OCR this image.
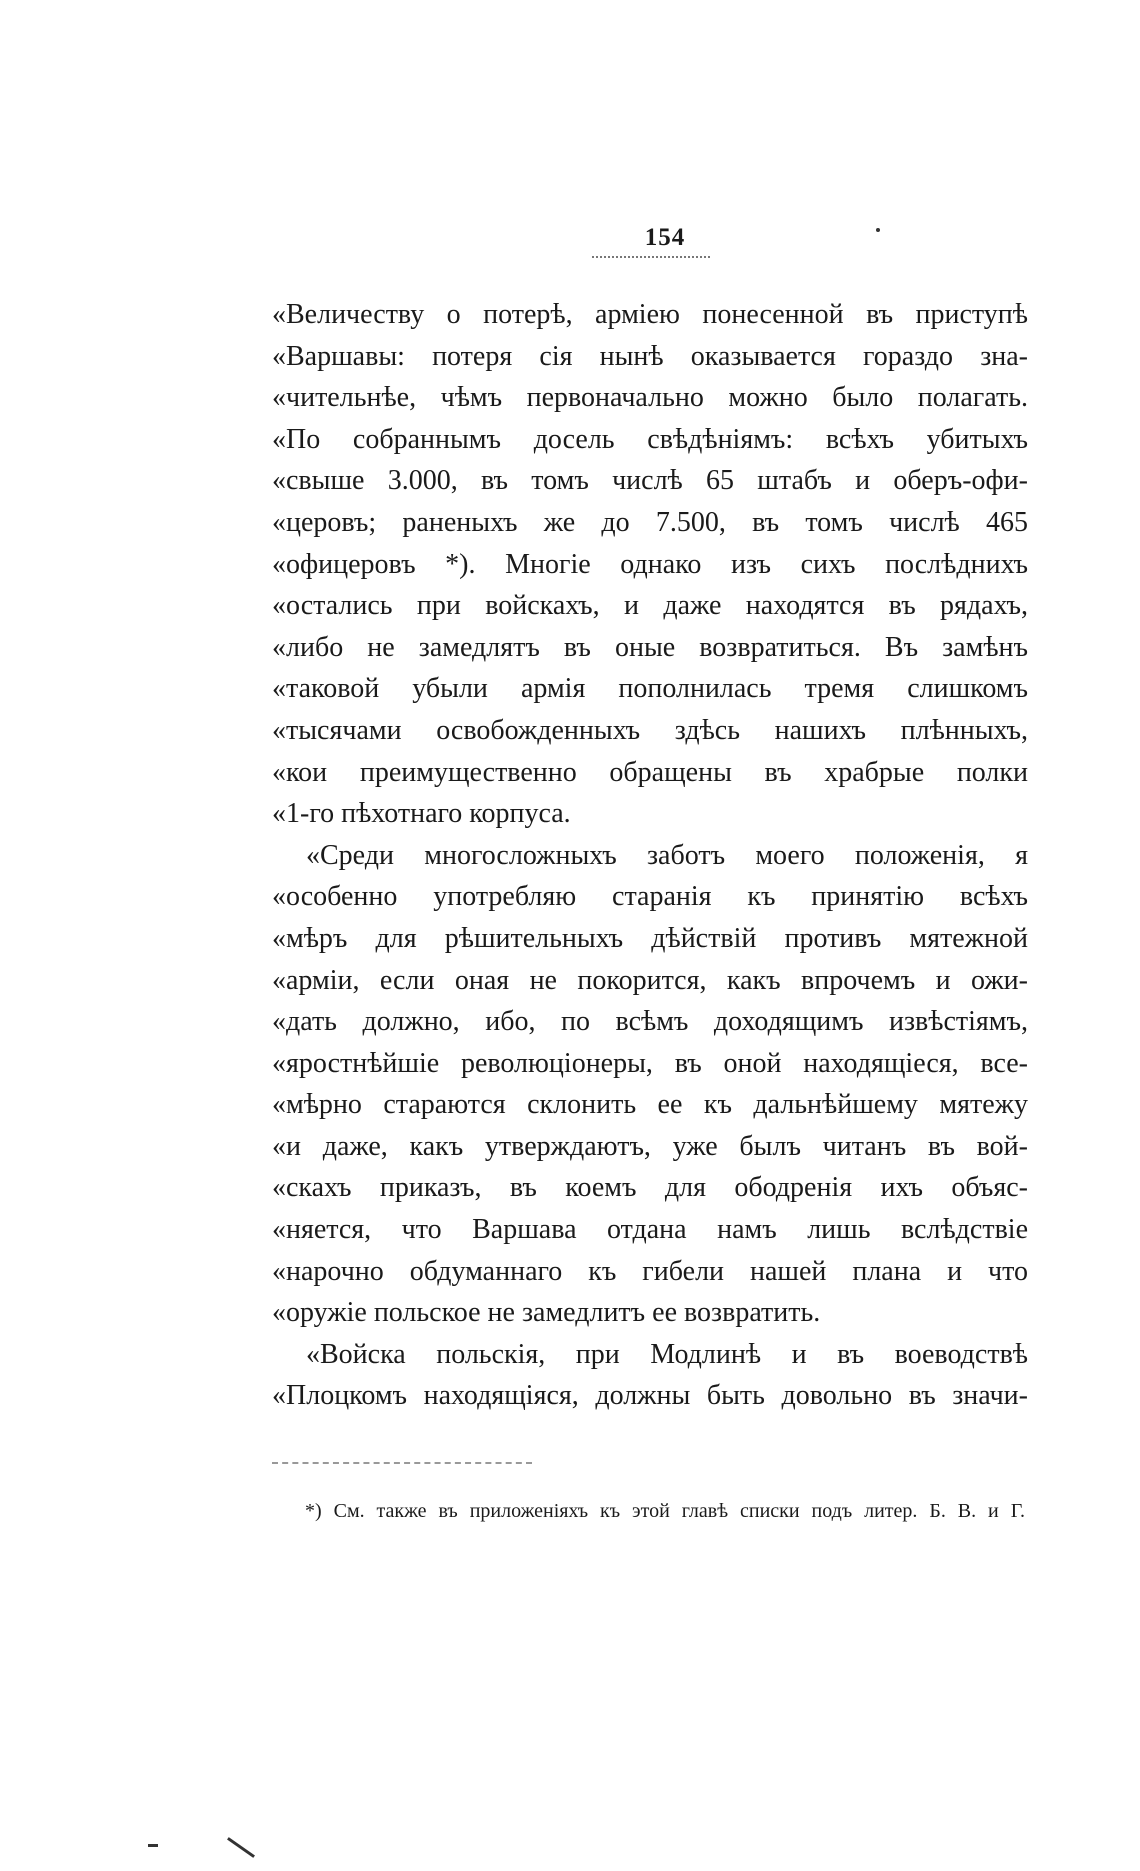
154
«Величеству о потерѣ, арміею понесенной въ приступѣ
«Варшавы: потеря сія нынѣ оказывается гораздо зна-
«чительнѣе, чѣмъ первоначально можно было полагать.
«По собраннымъ досель свѣдѣніямъ: всѣхъ убитыхъ
«свыше 3.000, въ томъ числѣ 65 штабъ и оберъ-офи-
«церовъ; раненыхъ же до 7.500, въ томъ числѣ 465
«офицеровъ *). Многіе однако изъ сихъ послѣднихъ
«остались при войскахъ, и даже находятся въ рядахъ,
«либо не замедлятъ въ оные возвратиться. Въ замѣнъ
«таковой убыли армія пополнилась тремя слишкомъ
«тысячами освобожденныхъ здѣсь нашихъ плѣнныхъ,
«кои преимущественно обращены въ храбрые полки
«1-го пѣхотнаго корпуса.
«Среди многосложныхъ заботъ моего положенія, я
«особенно употребляю старанія къ принятію всѣхъ
«мѣръ для рѣшительныхъ дѣйствій противъ мятежной
«арміи, если оная не покорится, какъ впрочемъ и ожи-
«дать должно, ибо, по всѣмъ доходящимъ извѣстіямъ,
«яростнѣйшіе революціонеры, въ оной находящіеся, все-
«мѣрно стараются склонить ее къ дальнѣйшему мятежу
«и даже, какъ утверждаютъ, уже былъ читанъ въ вой-
«скахъ приказъ, въ коемъ для ободренія ихъ объяс-
«няется, что Варшава отдана намъ лишь вслѣдствіе
«нарочно обдуманнаго къ гибели нашей плана и что
«оружіе польское не замедлитъ ее возвратить.
«Войска польскія, при Модлинѣ и въ воеводствѣ
«Плоцкомъ находящіяся, должны быть довольно въ значи-
*) См. также въ приложеніяхъ къ этой главѣ списки подъ литер. Б. В. и Г.
